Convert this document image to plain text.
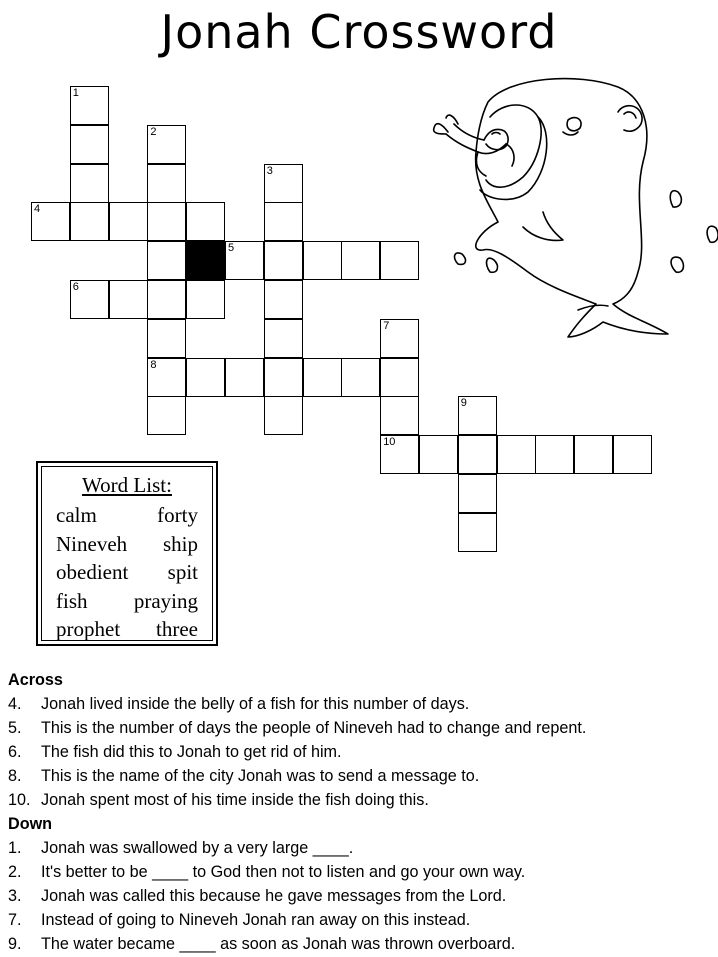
Jonah Crossword
1
2
3
4
5
6
7
8
9
10
Word List:
calm	forty
Nineveh ship
obedient spit
fish praying
prophet three
Across
4. Jonah lived inside the belly of a fish for this number of days.
5. This is the number of days the people of Nineveh had to change and repent.
6. The fish did this to Jonah to get rid of him.
8. This is the name of the city Jonah was to send a message to.
10. Jonah spent most of his time inside the fish doing this.
Down
1. Jonah was swallowed by a very large ____.
2. It's better to be ____ to God then not to listen and go your own way.
3. Jonah was called this because he gave messages from the Lord.
7. Instead of going to Nineveh Jonah ran away on this instead.
9. The water became ____ as soon as Jonah was thrown overboard.
